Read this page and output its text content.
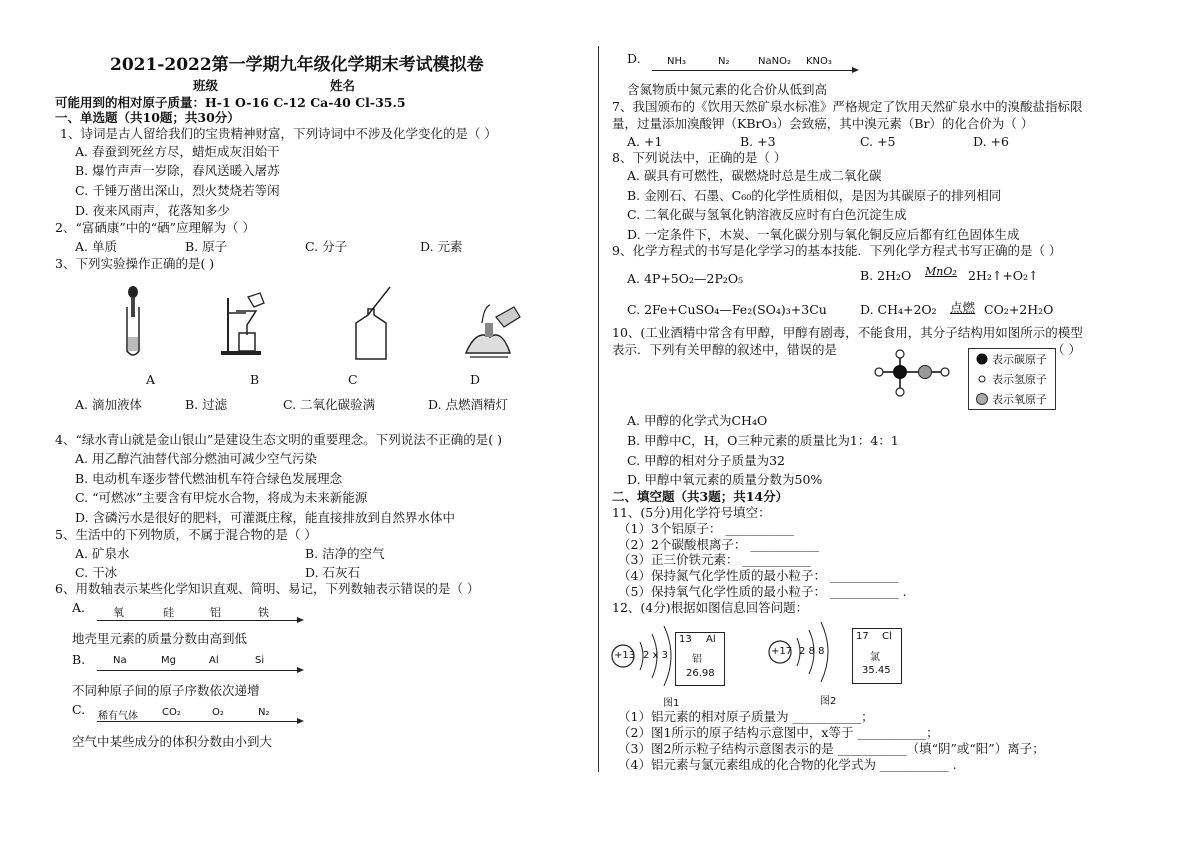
2021-2022第一学期九年级化学期末考试模拟卷
班级	姓名
可能用到的相对原子质量：H-1 O-16 C-12 Ca-40 Cl-35.5
一、单选题（共10题；共30分）
1、诗词是古人留给我们的宝贵精神财富，下列诗词中不涉及化学变化的是（ ）
A. 春蚕到死丝方尽，蜡炬成灰泪始干
B. 爆竹声声一岁除，春风送暖入屠苏
C. 千锤万凿出深山，烈火焚烧若等闲
D. 夜来风雨声，花落知多少
2、“富硒康”中的“硒”应理解为（ ）
A. 单质	B. 原子	C. 分子	D. 元素
3、下列实验操作正确的是( )
A	B	C	D
A. 滴加液体	B. 过滤	C. 二氧化碳验满	D. 点燃酒精灯
4、“绿水青山就是金山银山”是建设生态文明的重要理念。下列说法不正确的是( )
A. 用乙醇汽油替代部分燃油可减少空气污染
B. 电动机车逐步替代燃油机车符合绿色发展理念
C. “可燃冰”主要含有甲烷水合物，将成为未来新能源
D. 含磷污水是很好的肥料，可灌溉庄稼，能直接排放到自然界水体中
5、生活中的下列物质，不属于混合物的是（ ）
A. 矿泉水	B. 洁净的空气
C. 干冰	D. 石灰石
6、用数轴表示某些化学知识直观、简明、易记，下列数轴表示错误的是（ ）
A.	氧	硅	铝	铁
地壳里元素的质量分数由高到低
B.	Na	Mg	Al	Si
不同种原子间的原子序数依次递增
C. 稀有气体 CO₂	O₂	N₂
空气中某些成分的体积分数由小到大
D.	NH₃	N₂	NaNO₂ KNO₃
含氮物质中氮元素的化合价从低到高
7、我国颁布的《饮用天然矿泉水标准》严格规定了饮用天然矿泉水中的溴酸盐指标限
量，过量添加溴酸钾（KBrO₃）会致癌，其中溴元素（Br）的化合价为（ ）
A. +1	B. +3	C. +5	D. +6
8、下列说法中，正确的是（ ）
A. 碳具有可燃性，碳燃烧时总是生成二氧化碳
B. 金刚石、石墨、C₆₀的化学性质相似，是因为其碳原子的排列相同
C. 二氧化碳与氢氧化钠溶液反应时有白色沉淀生成
D. 一定条件下，木炭、一氧化碳分别与氧化铜反应后都有红色固体生成
9、化学方程式的书写是化学学习的基本技能．下列化学方程式书写正确的是（ ）
A. 4P+5O₂—2P₂O₅	B. 2H₂O MnO₂ 2H₂↑+O₂↑
C. 2Fe+CuSO₄—Fe₂(SO₄)₃+3Cu	D. CH₄+2O₂ 点燃 CO₂+2H₂O
10、(工业酒精中常含有甲醇，甲醇有剧毒，不能食用，其分子结构用如图所示的模型
表示．下列有关甲醇的叙述中，错误的是	（ ）
表示碳原子
表示氢原子
表示氧原子
A. 甲醇的化学式为CH₄O
B. 甲醇中C，H，O三种元素的质量比为1：4：1
C. 甲醇的相对分子质量为32
D. 甲醇中氧元素的质量分数为50%
二、填空题（共3题；共14分）
11、(5分)用化学符号填空：
（1）3个铝原子： ___________
（2）2个碳酸根离子： ___________
（3）正三价铁元素： ___________
（4）保持氮气化学性质的最小粒子： ___________
（5）保持氧气化学性质的最小粒子： ___________ .
12、(4分)根据如图信息回答问题：
+13 2 x 3
13 Al
铝
26.98
图1
+17 2 8 8
17 Cl
氯
35.45
图2
（1）铝元素的相对原子质量为 ___________；
（2）图1所示的原子结构示意图中，x等于 ___________；
（3）图2所示粒子结构示意图表示的是 ___________（填“阴”或“阳”）离子；
（4）铝元素与氯元素组成的化合物的化学式为 ___________ .
